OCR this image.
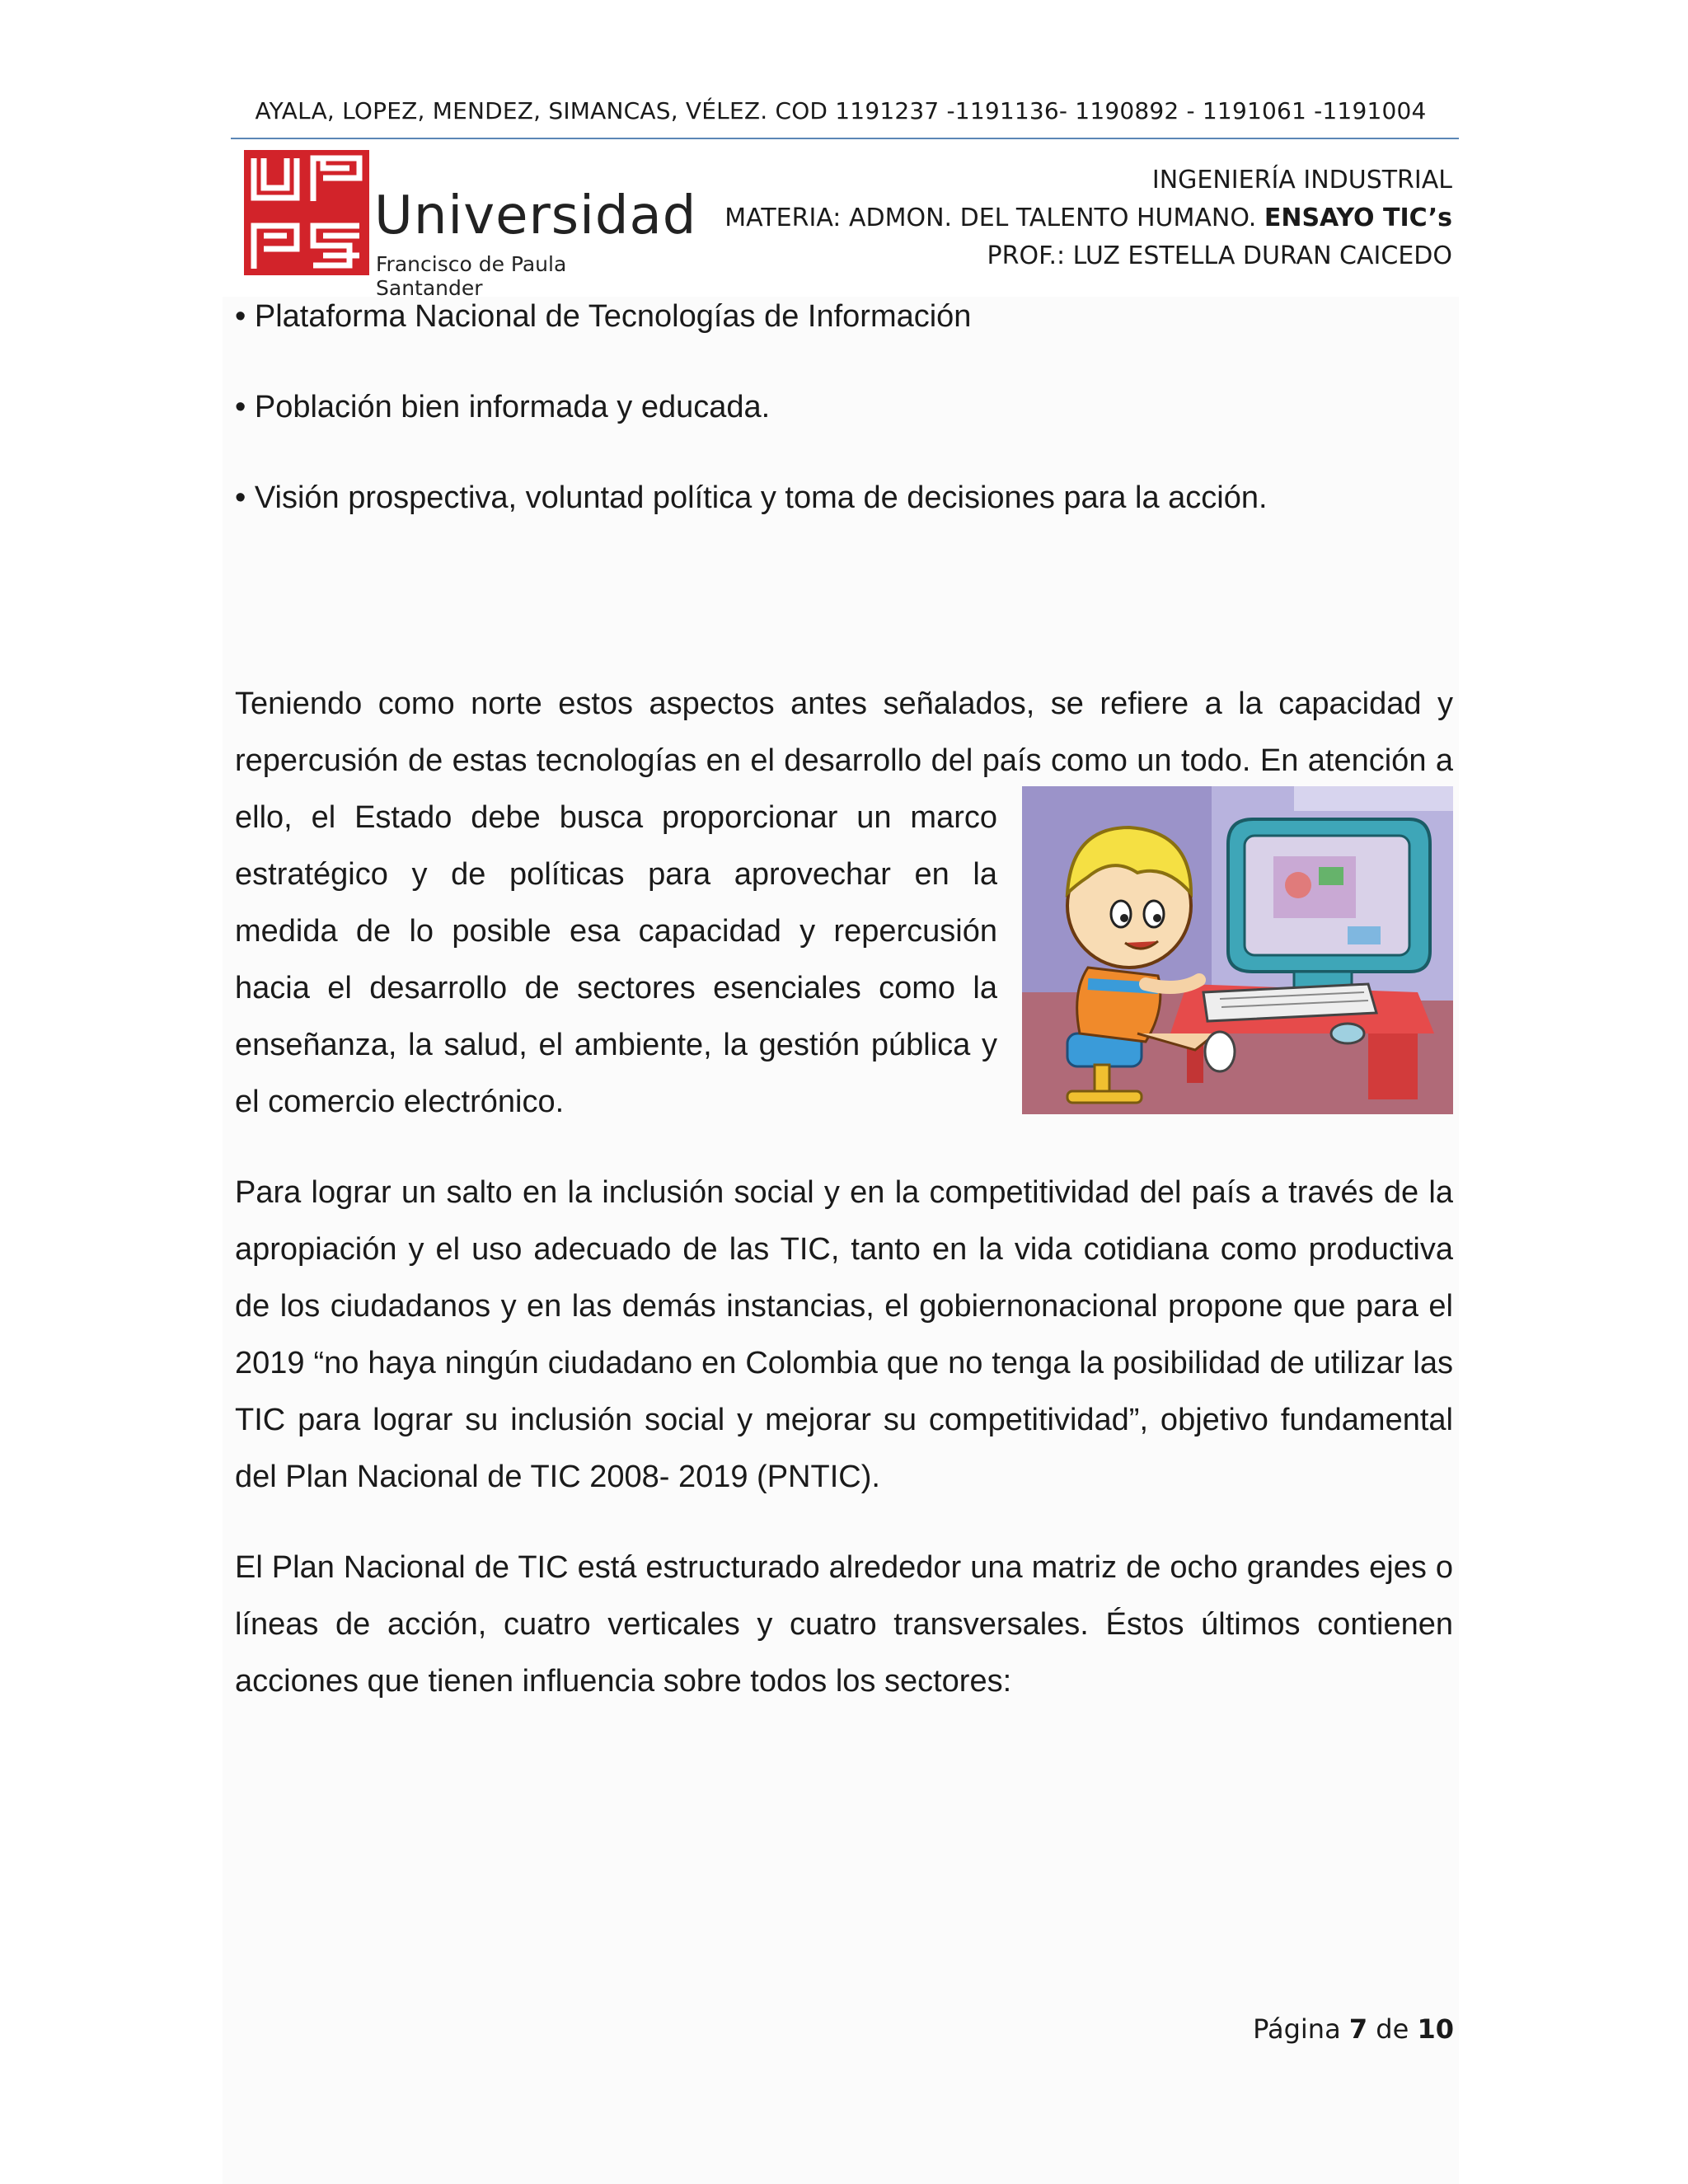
AYALA, LOPEZ, MENDEZ, SIMANCAS, VÉLEZ. COD 1191237 -1191136- 1190892 - 1191061 -1191004
Universidad
Francisco de Paula Santander
INGENIERÍA INDUSTRIAL
MATERIA: ADMON. DEL TALENTO HUMANO. ENSAYO TIC’s
PROF.: LUZ ESTELLA DURAN CAICEDO

• Plataforma Nacional de Tecnologías de Información

• Población bien informada y educada.

• Visión prospectiva, voluntad política y toma de decisiones para la acción.

Teniendo como norte estos aspectos antes señalados, se refiere a la capacidad y repercusión de estas tecnologías en el desarrollo del país como un todo. En
atención a ello, el Estado debe busca proporcionar un marco estratégico y de políticas para aprovechar en la medida de lo posible esa capacidad y repercusión hacia el desarrollo de sectores esenciales como la enseñanza, la salud, el ambiente, la gestión pública y el comercio electrónico.

Para lograr un salto en la inclusión social y en la competitividad del país a través de la apropiación y el uso adecuado de las TIC, tanto en la vida cotidiana como productiva de los ciudadanos y en las demás instancias, el gobiernonacional propone que para el 2019 “no haya ningún ciudadano en Colombia que no tenga la posibilidad de utilizar las TIC para lograr su inclusión social y mejorar su competitividad”, objetivo fundamental del Plan Nacional de TIC 2008- 2019 (PNTIC).

El Plan Nacional de TIC está estructurado alrededor una matriz de ocho grandes ejes o líneas de acción, cuatro verticales y cuatro transversales. Éstos últimos contienen acciones que tienen influencia sobre todos los sectores:

Página 7 de 10
